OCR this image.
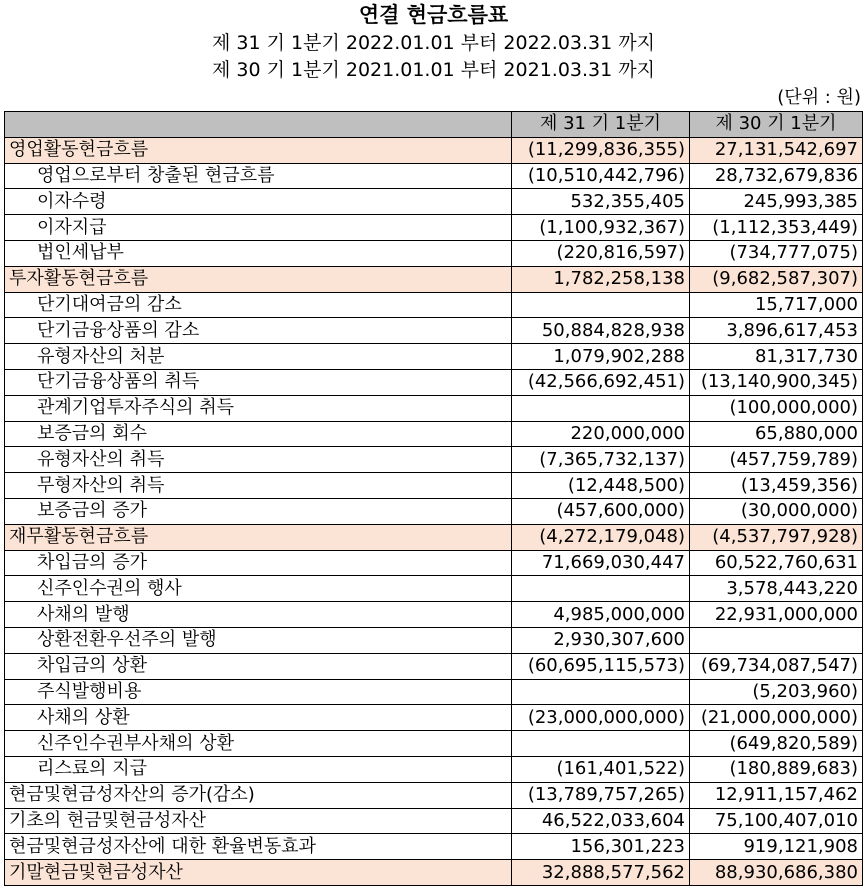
연결 현금흐름표
제 31 기 1분기 2022.01.01 부터 2022.03.31 까지
제 30 기 1분기 2021.01.01 부터 2021.03.31 까지
(단위 : 원)
	제 31 기 1분기	제 30 기 1분기
영업활동현금흐름	(11,299,836,355)	27,131,542,697
영업으로부터 창출된 현금흐름	(10,510,442,796)	28,732,679,836
이자수령	532,355,405	245,993,385
이자지급	(1,100,932,367)	(1,112,353,449)
법인세납부	(220,816,597)	(734,777,075)
투자활동현금흐름	1,782,258,138	(9,682,587,307)
단기대여금의 감소		15,717,000
단기금융상품의 감소	50,884,828,938	3,896,617,453
유형자산의 처분	1,079,902,288	81,317,730
단기금융상품의 취득	(42,566,692,451)	(13,140,900,345)
관계기업투자주식의 취득		(100,000,000)
보증금의 회수	220,000,000	65,880,000
유형자산의 취득	(7,365,732,137)	(457,759,789)
무형자산의 취득	(12,448,500)	(13,459,356)
보증금의 증가	(457,600,000)	(30,000,000)
재무활동현금흐름	(4,272,179,048)	(4,537,797,928)
차입금의 증가	71,669,030,447	60,522,760,631
신주인수권의 행사		3,578,443,220
사채의 발행	4,985,000,000	22,931,000,000
상환전환우선주의 발행	2,930,307,600	
차입금의 상환	(60,695,115,573)	(69,734,087,547)
주식발행비용		(5,203,960)
사채의 상환	(23,000,000,000)	(21,000,000,000)
신주인수권부사채의 상환		(649,820,589)
리스료의 지급	(161,401,522)	(180,889,683)
현금및현금성자산의 증가(감소)	(13,789,757,265)	12,911,157,462
기초의 현금및현금성자산	46,522,033,604	75,100,407,010
현금및현금성자산에 대한 환율변동효과	156,301,223	919,121,908
기말현금및현금성자산	32,888,577,562	88,930,686,380
